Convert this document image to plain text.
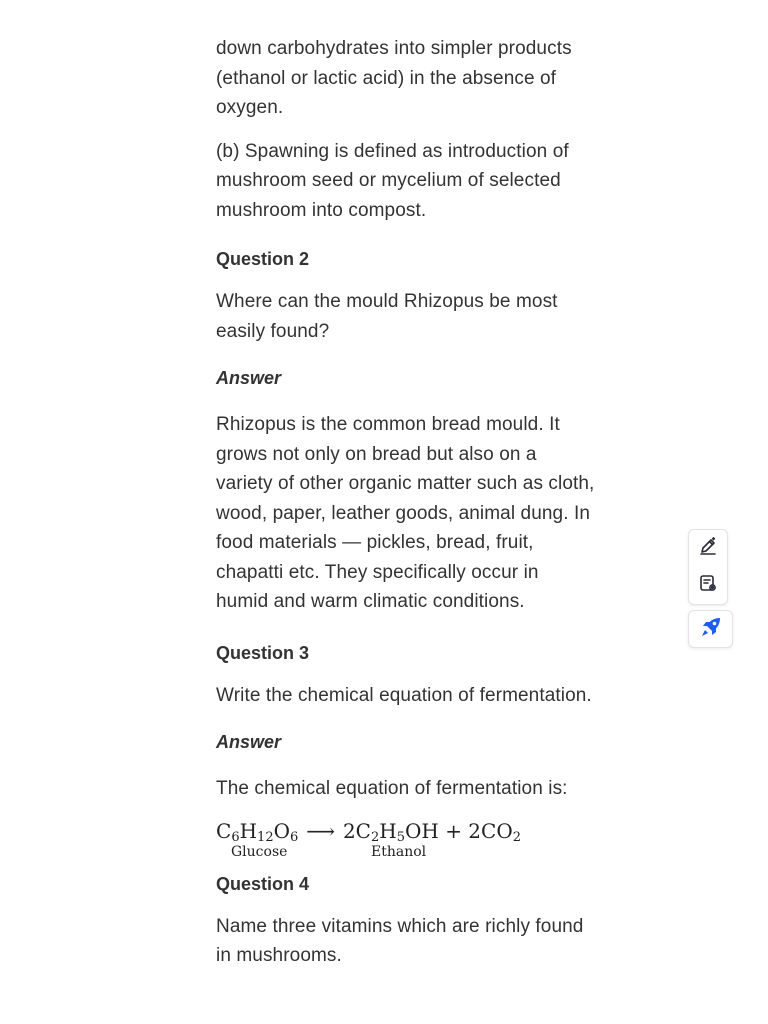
down carbohydrates into simpler products (ethanol or lactic acid) in the absence of oxygen.

(b) Spawning is defined as introduction of mushroom seed or mycelium of selected mushroom into compost.

Question 2

Where can the mould Rhizopus be most easily found?

Answer

Rhizopus is the common bread mould. It grows not only on bread but also on a variety of other organic matter such as cloth, wood, paper, leather goods, animal dung. In food materials — pickles, bread, fruit, chapatti etc. They specifically occur in humid and warm climatic conditions.

Question 3

Write the chemical equation of fermentation.

Answer

The chemical equation of fermentation is:

$C_6H_{12}O_6$ ⟶ $2C_2H_5OH + 2CO_2$
Glucose	Ethanol

Question 4

Name three vitamins which are richly found in mushrooms.
